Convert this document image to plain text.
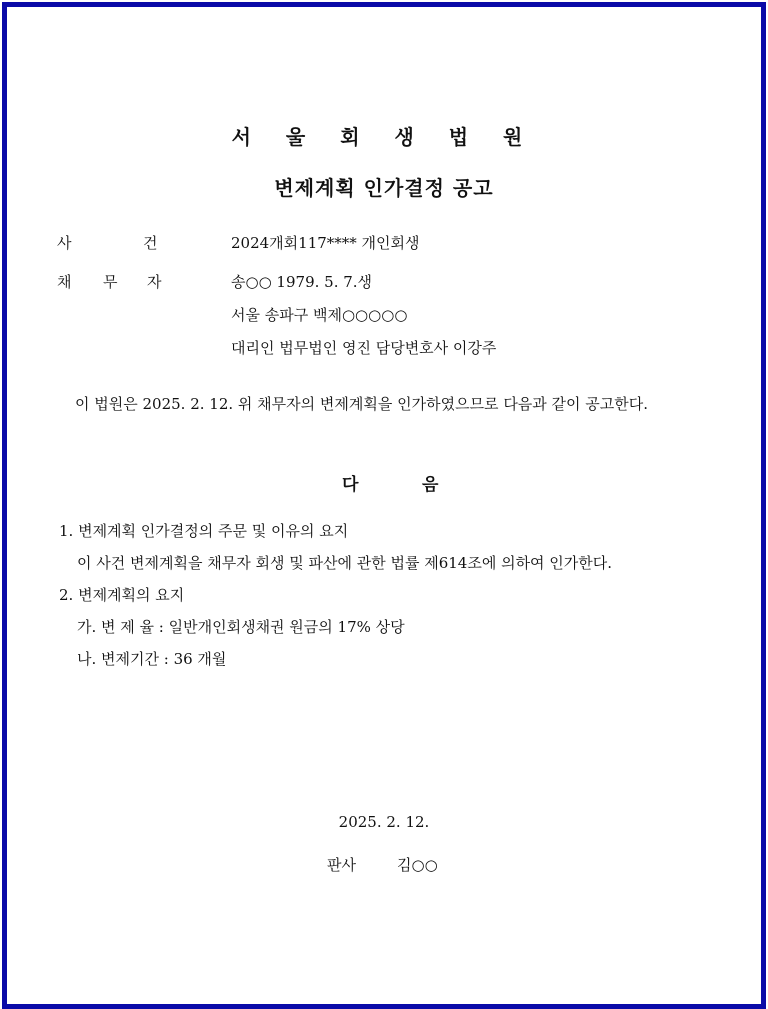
서 울 회 생 법 원
변제계획 인가결정 공고
사	건	2024개회117**** 개인회생
채 무 자	송○○ 1979. 5. 7.생
서울 송파구 백제○○○○○
대리인 법무법인 영진 담당변호사 이강주
이 법원은 2025. 2. 12. 위 채무자의 변제계획을 인가하였으므로 다음과 같이 공고한다.
다	음
1. 변제계획 인가결정의 주문 및 이유의 요지
이 사건 변제계획을 채무자 회생 및 파산에 관한 법률 제614조에 의하여 인가한다.
2. 변제계획의 요지
가. 변 제 율 : 일반개인회생채권 원금의 17% 상당
나. 변제기간 : 36 개월
2025. 2. 12.
판사	김○○
